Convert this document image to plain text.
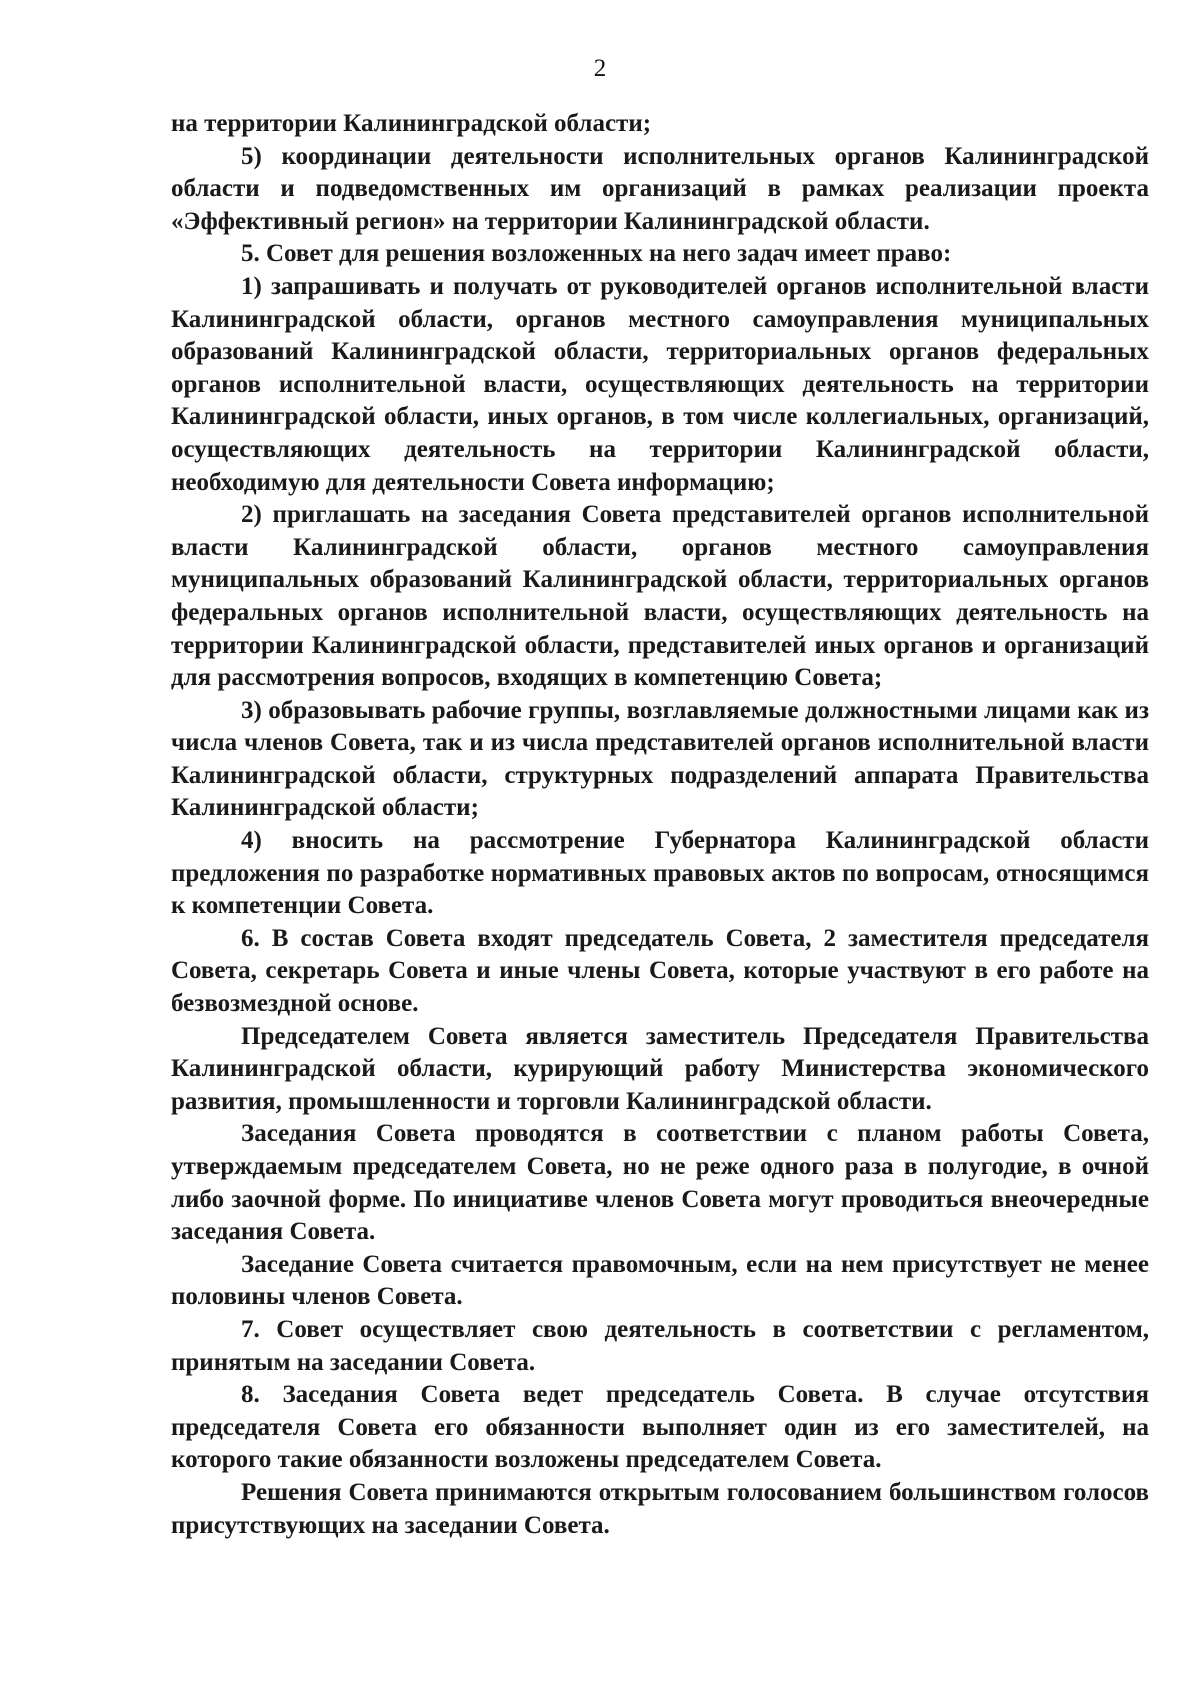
2

на территории Калининградской области;

5) координации деятельности исполнительных органов Калининградской области и подведомственных им организаций в рамках реализации проекта «Эффективный регион» на территории Калининградской области.

5. Совет для решения возложенных на него задач имеет право:

1) запрашивать и получать от руководителей органов исполнительной власти Калининградской области, органов местного самоуправления муниципальных образований Калининградской области, территориальных органов федеральных органов исполнительной власти, осуществляющих деятельность на территории Калининградской области, иных органов, в том числе коллегиальных, организаций, осуществляющих деятельность на территории Калининградской области, необходимую для деятельности Совета информацию;

2) приглашать на заседания Совета представителей органов исполнительной власти Калининградской области, органов местного самоуправления муниципальных образований Калининградской области, территориальных органов федеральных органов исполнительной власти, осуществляющих деятельность на территории Калининградской области, представителей иных органов и организаций для рассмотрения вопросов, входящих в компетенцию Совета;

3) образовывать рабочие группы, возглавляемые должностными лицами как из числа членов Совета, так и из числа представителей органов исполнительной власти Калининградской области, структурных подразделений аппарата Правительства Калининградской области;

4) вносить на рассмотрение Губернатора Калининградской области предложения по разработке нормативных правовых актов по вопросам, относящимся к компетенции Совета.

6. В состав Совета входят председатель Совета, 2 заместителя председателя Совета, секретарь Совета и иные члены Совета, которые участвуют в его работе на безвозмездной основе.

Председателем Совета является заместитель Председателя Правительства Калининградской области, курирующий работу Министерства экономического развития, промышленности и торговли Калининградской области.

Заседания Совета проводятся в соответствии с планом работы Совета, утверждаемым председателем Совета, но не реже одного раза в полугодие, в очной либо заочной форме. По инициативе членов Совета могут проводиться внеочередные заседания Совета.

Заседание Совета считается правомочным, если на нем присутствует не менее половины членов Совета.

7. Совет осуществляет свою деятельность в соответствии с регламентом, принятым на заседании Совета.

8. Заседания Совета ведет председатель Совета. В случае отсутствия председателя Совета его обязанности выполняет один из его заместителей, на которого такие обязанности возложены председателем Совета.

Решения Совета принимаются открытым голосованием большинством голосов присутствующих на заседании Совета.
